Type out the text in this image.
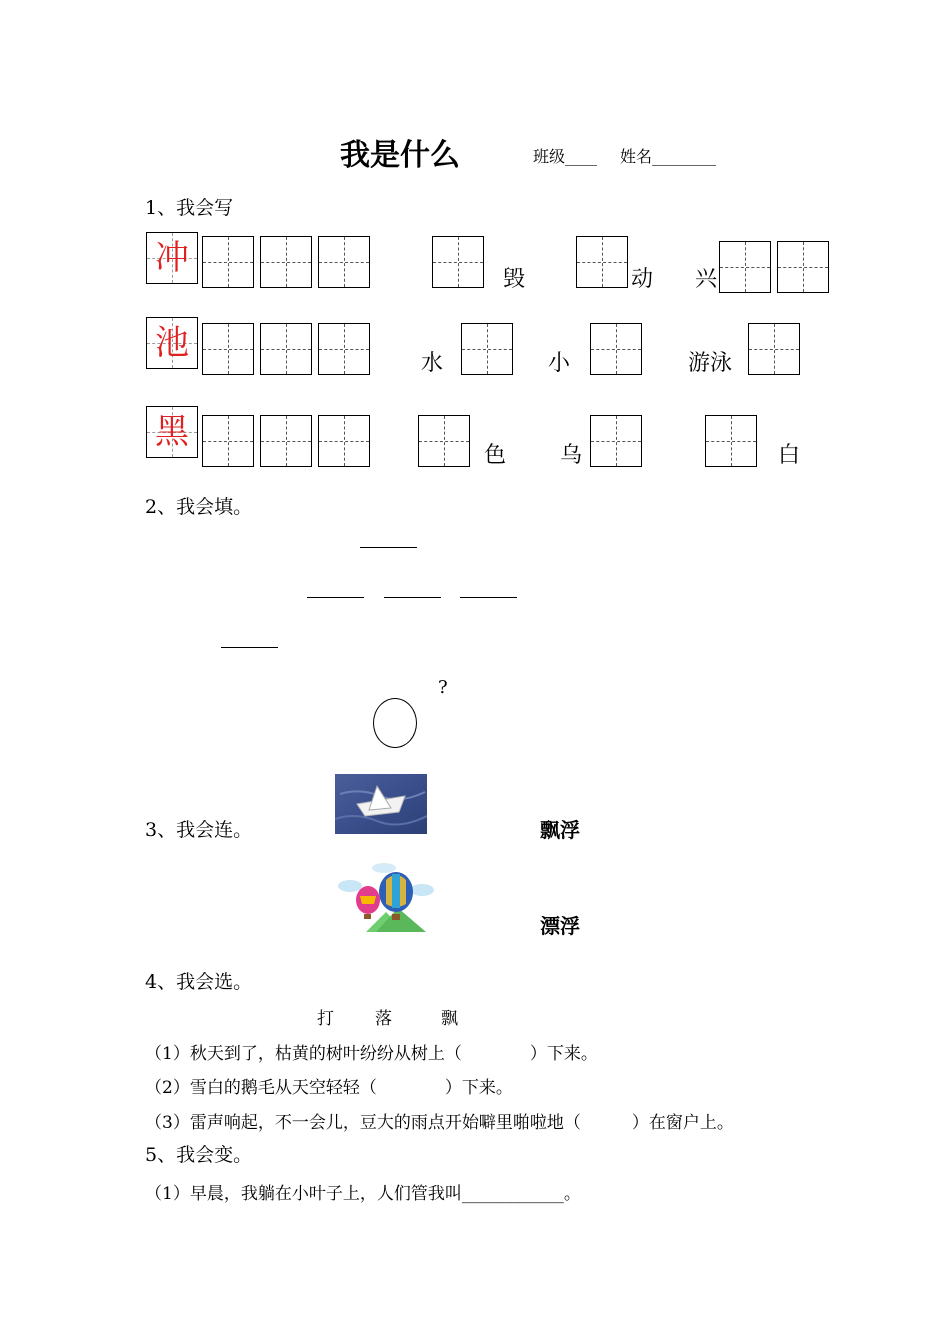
我是什么	班级____ 姓名________
1、我会写
冲
毁	动 兴
池
水	小	游泳
黑
色 乌	白
2、我会填。
?
3、我会连。	飘浮
漂浮
4、我会选。
打 落	飘
（1）秋天到了，枯黄的树叶纷纷从树上（　　　　）下来。
（2）雪白的鹅毛从天空轻轻（　　　　）下来。
（3）雷声响起，不一会儿，豆大的雨点开始噼里啪啦地（　　　）在窗户上。
5、我会变。
（1）早晨，我躺在小叶子上，人们管我叫____________。
